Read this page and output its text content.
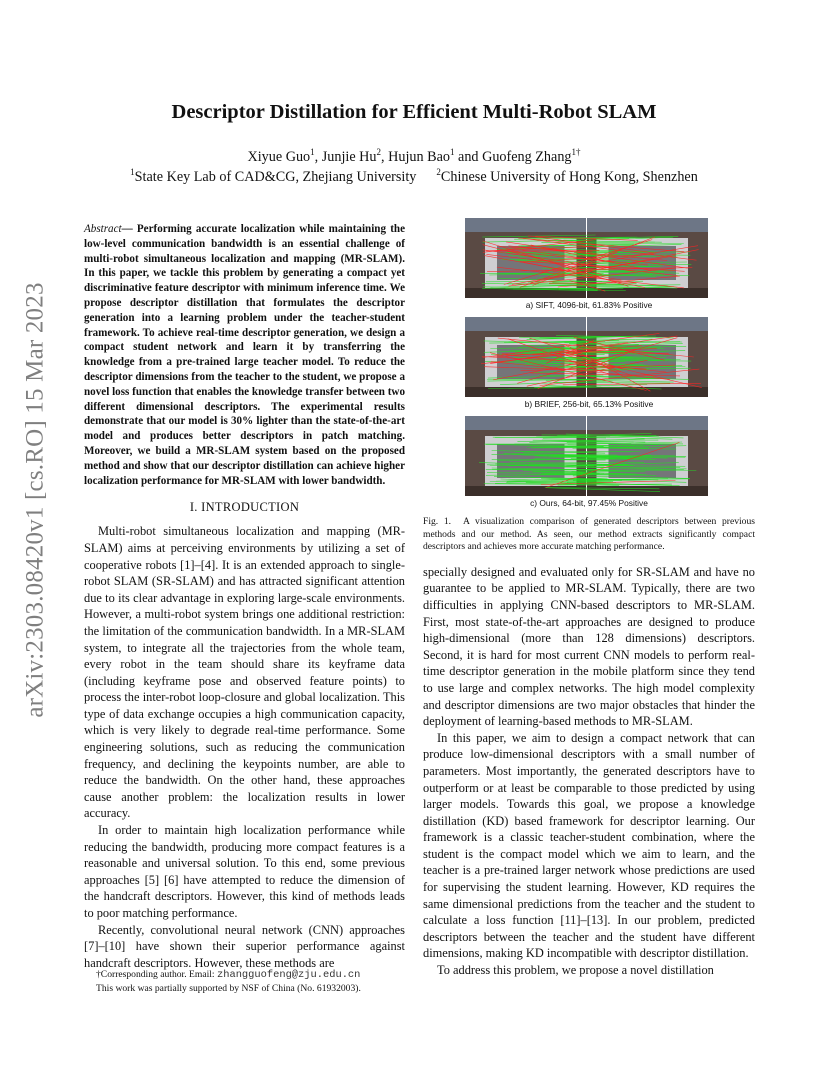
arXiv:2303.08420v1 [cs.RO] 15 Mar 2023
Descriptor Distillation for Efficient Multi-Robot SLAM
Xiyue Guo$^1$, Junjie Hu$^2$, Hujun Bao$^1$ and Guofeng Zhang$^{1\dagger}$
$^1$State Key Lab of CAD&CG, Zhejiang University $^2$Chinese University of Hong Kong, Shenzhen

Abstract— Performing accurate localization while maintaining the low-level communication bandwidth is an essential challenge of multi-robot simultaneous localization and mapping (MR-SLAM). In this paper, we tackle this problem by generating a compact yet discriminative feature descriptor with minimum inference time. We propose descriptor distillation that formulates the descriptor generation into a learning problem under the teacher-student framework. To achieve real-time descriptor generation, we design a compact student network and learn it by transferring the knowledge from a pre-trained large teacher model. To reduce the descriptor dimensions from the teacher to the student, we propose a novel loss function that enables the knowledge transfer between two different dimensional descriptors. The experimental results demonstrate that our model is 30% lighter than the state-of-the-art model and produces better descriptors in patch matching. Moreover, we build a MR-SLAM system based on the proposed method and show that our descriptor distillation can achieve higher localization performance for MR-SLAM with lower bandwidth.

I. INTRODUCTION

Multi-robot simultaneous localization and mapping (MR-SLAM) aims at perceiving environments by utilizing a set of cooperative robots [1]–[4]. It is an extended approach to single-robot SLAM (SR-SLAM) and has attracted significant attention due to its clear advantage in exploring large-scale environments. However, a multi-robot system brings one additional restriction: the limitation of the communication bandwidth. In a MR-SLAM system, to integrate all the trajectories from the whole team, every robot in the team should share its keyframe data (including keyframe pose and observed feature points) to process the inter-robot loop-closure and global localization. This type of data exchange occupies a high communication capacity, which is very likely to degrade real-time performance. Some engineering solutions, such as reducing the communication frequency, and declining the keypoints number, are able to reduce the bandwidth. On the other hand, these approaches cause another problem: the localization results in lower accuracy.

In order to maintain high localization performance while reducing the bandwidth, producing more compact features is a reasonable and universal solution. To this end, some previous approaches [5] [6] have attempted to reduce the dimension of the handcraft descriptors. However, this kind of methods leads to poor matching performance.

Recently, convolutional neural network (CNN) approaches [7]–[10] have shown their superior performance against handcraft descriptors. However, these methods are

†Corresponding author. Email: zhangguofeng@zju.edu.cn

This work was partially supported by NSF of China (No. 61932003).

a) SIFT, 4096-bit, 61.83% Positive
b) BRIEF, 256-bit, 65.13% Positive
c) Ours, 64-bit, 97.45% Positive

Fig. 1. A visualization comparison of generated descriptors between previous methods and our method. As seen, our method extracts significantly compact descriptors and achieves more accurate matching performance.

specially designed and evaluated only for SR-SLAM and have no guarantee to be applied to MR-SLAM. Typically, there are two difficulties in applying CNN-based descriptors to MR-SLAM. First, most state-of-the-art approaches are designed to produce high-dimensional (more than 128 dimensions) descriptors. Second, it is hard for most current CNN models to perform real-time descriptor generation in the mobile platform since they tend to use large and complex networks. The high model complexity and descriptor dimensions are two major obstacles that hinder the deployment of learning-based methods to MR-SLAM.

In this paper, we aim to design a compact network that can produce low-dimensional descriptors with a small number of parameters. Most importantly, the generated descriptors have to outperform or at least be comparable to those predicted by using larger models. Towards this goal, we propose a knowledge distillation (KD) based framework for descriptor learning. Our framework is a classic teacher-student combination, where the student is the compact model which we aim to learn, and the teacher is a pre-trained larger network whose predictions are used for supervising the student learning. However, KD requires the same dimensional predictions from the teacher and the student to calculate a loss function [11]–[13]. In our problem, predicted descriptors between the teacher and the student have different dimensions, making KD incompatible with descriptor distillation.

To address this problem, we propose a novel distillation
